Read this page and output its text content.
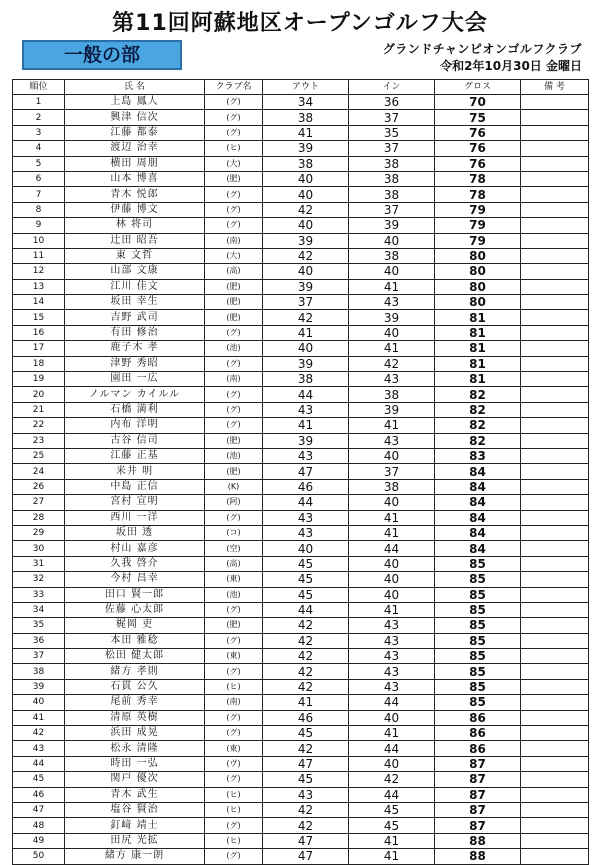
第11回阿蘇地区オープンゴルフ大会
一般の部	グランドチャンピオンゴルフクラブ
令和2年10月30日 金曜日
順位	氏 名	クラブ名	アウト	イン	グロス	備 考
1	上島 鳳人	(グ)	34	36	70	
2	興津 信次	(グ)	38	37	75	
3	江藤 都泰	(グ)	41	35	76	
4	渡辺 治幸	(ヒ)	39	37	76	
5	横田 周朋	(大)	38	38	76	
6	山本 博喜	(肥)	40	38	78	
7	青木 悦郎	(グ)	40	38	78	
8	伊藤 博文	(グ)	42	37	79	
9	林 将司	(グ)	40	39	79	
10	辻田 昭吾	(南)	39	40	79	
11	東 文哲	(大)	42	38	80	
12	山部 文康	(高)	40	40	80	
13	江川 佳文	(肥)	39	41	80	
14	坂田 幸生	(肥)	37	43	80	
15	吉野 武司	(肥)	42	39	81	
16	有田 修治	(グ)	41	40	81	
17	鹿子木 孝	(池)	40	41	81	
18	津野 秀昭	(グ)	39	42	81	
19	園田 一広	(南)	38	43	81	
20	ノルマン カイルル	(グ)	44	38	82	
21	石橋 満利	(グ)	43	39	82	
22	内布 洋明	(グ)	41	41	82	
23	古谷 信司	(肥)	39	43	82	
25	江藤 正基	(池)	43	40	83	
24	米井 明	(肥)	47	37	84	
26	中島 正信	(K)	46	38	84	
27	宮村 宣明	(阿)	44	40	84	
28	西川 一洋	(グ)	43	41	84	
29	坂田 透	(コ)	43	41	84	
30	村山 嘉彦	(空)	40	44	84	
31	久我 啓介	(高)	45	40	85	
32	今村 昌幸	(東)	45	40	85	
33	田口 賢一郎	(池)	45	40	85	
34	佐藤 心太郎	(グ)	44	41	85	
35	梶岡 吏	(肥)	42	43	85	
36	本田 雅稔	(グ)	42	43	85	
37	松田 健太郎	(東)	42	43	85	
38	緒方 孝則	(グ)	42	43	85	
39	石貫 公久	(ヒ)	42	43	85	
40	尾前 秀幸	(南)	41	44	85	
41	清原 英樹	(グ)	46	40	86	
42	浜田 成晃	(グ)	45	41	86	
43	松永 清隆	(東)	42	44	86	
44	時田 一弘	(ヴ)	47	40	87	
45	関戸 優次	(グ)	45	42	87	
46	青木 武生	(ヒ)	43	44	87	
47	塩谷 賢治	(ヒ)	42	45	87	
48	釘﨑 靖士	(グ)	42	45	87	
49	田尻 光拡	(ヒ)	47	41	88	
50	緒方 康一朗	(グ)	47	41	88	
